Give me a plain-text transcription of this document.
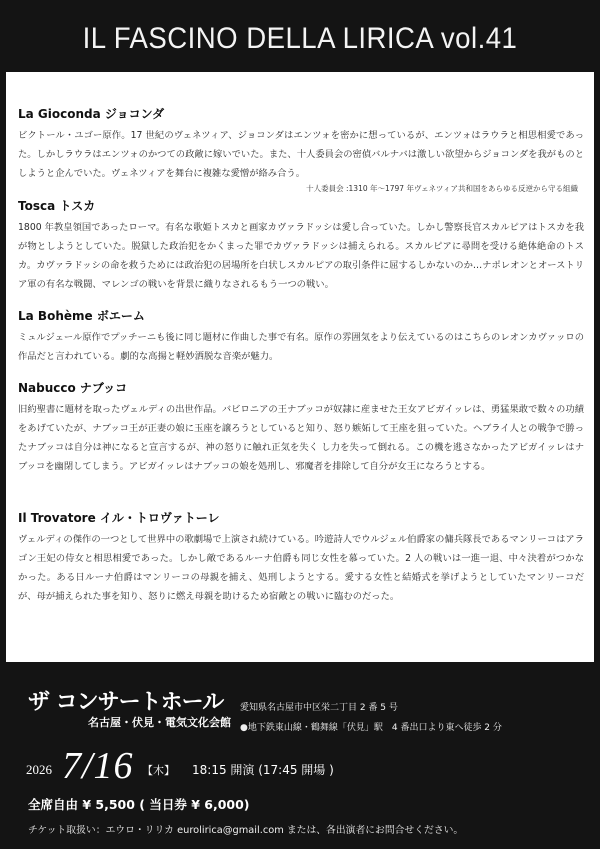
IL FASCINO DELLA LIRICA vol.41
La Gioconda ジョコンダ

ビクトール・ユゴー原作。17 世紀のヴェネツィア、ジョコンダはエンツォを密かに想っているが、エンツォはラウラと相思相愛であった。しかしラウラはエンツォのかつての政敵に嫁いでいた。また、十人委員会の密偵バルナバは激しい欲望からジョコンダを我がものとしようと企んでいた。ヴェネツィアを舞台に複雑な愛憎が絡み合う。

十人委員会 :1310 年〜1797 年ヴェネツィア共和国をあらゆる反逆から守る組織

Tosca トスカ

1800 年教皇領国であったローマ。有名な歌姫トスカと画家カヴァラドッシは愛し合っていた。しかし警察長官スカルピアはトスカを我が物としようとしていた。脱獄した政治犯をかくまった罪でカヴァラドッシは捕えられる。スカルピアに尋問を受ける絶体絶命のトスカ。カヴァラドッシの命を救うためには政治犯の居場所を白状しスカルピアの取引条件に屈するしかないのか…ナポレオンとオーストリア軍の有名な戦闘、マレンゴの戦いを背景に織りなされるもう一つの戦い。

La Bohème ボエーム

ミュルジェール原作でプッチーニも後に同じ題材に作曲した事で有名。原作の雰囲気をより伝えているのはこちらのレオンカヴァッロの作品だと言われている。劇的な高揚と軽妙洒脱な音楽が魅力。

Nabucco ナブッコ

旧約聖書に題材を取ったヴェルディの出世作品。バビロニアの王ナブッコが奴隷に産ませた王女アビガイッレは、勇猛果敢で数々の功績をあげていたが、ナブッコ王が正妻の娘に玉座を譲ろうとしていると知り、怒り嫉妬して王座を狙っていた。ヘブライ人との戦争で勝ったナブッコは自分は神になると宣言するが、神の怒りに触れ正気を失く し力を失って倒れる。この機を逃さなかったアビガイッレはナブッコを幽閉してしまう。アビガイッレはナブッコの娘を処刑し、邪魔者を排除して自分が女王になろうとする。

Il Trovatore イル・トロヴァトーレ

ヴェルディの傑作の一つとして世界中の歌劇場で上演され続けている。吟遊詩人でウルジェル伯爵家の傭兵隊長であるマンリーコはアラゴン王妃の侍女と相思相愛であった。しかし敵であるルーナ伯爵も同じ女性を慕っていた。2 人の戦いは一進一退、中々決着がつかなかった。ある日ルーナ伯爵はマンリーコの母親を捕え、処刑しようとする。愛する女性と結婚式を挙げようとしていたマンリーコだが、母が捕えられた事を知り、怒りに燃え母親を助けるため宿敵との戦いに臨むのだった。

ザ コンサートホール
名古屋・伏見・電気文化会館
愛知県名古屋市中区栄二丁目 2 番 5 号
●地下鉄東山線・鶴舞線「伏見」駅　4 番出口より東へ徒歩 2 分
2026 7/16 【木】 18:15 開演 (17:45 開場 )
全席自由 ¥ 5,500 ( 当日券 ¥ 6,000)
チケット取扱い：エウロ・リリカ eurolirica@gmail.com または、各出演者にお問合せください。
